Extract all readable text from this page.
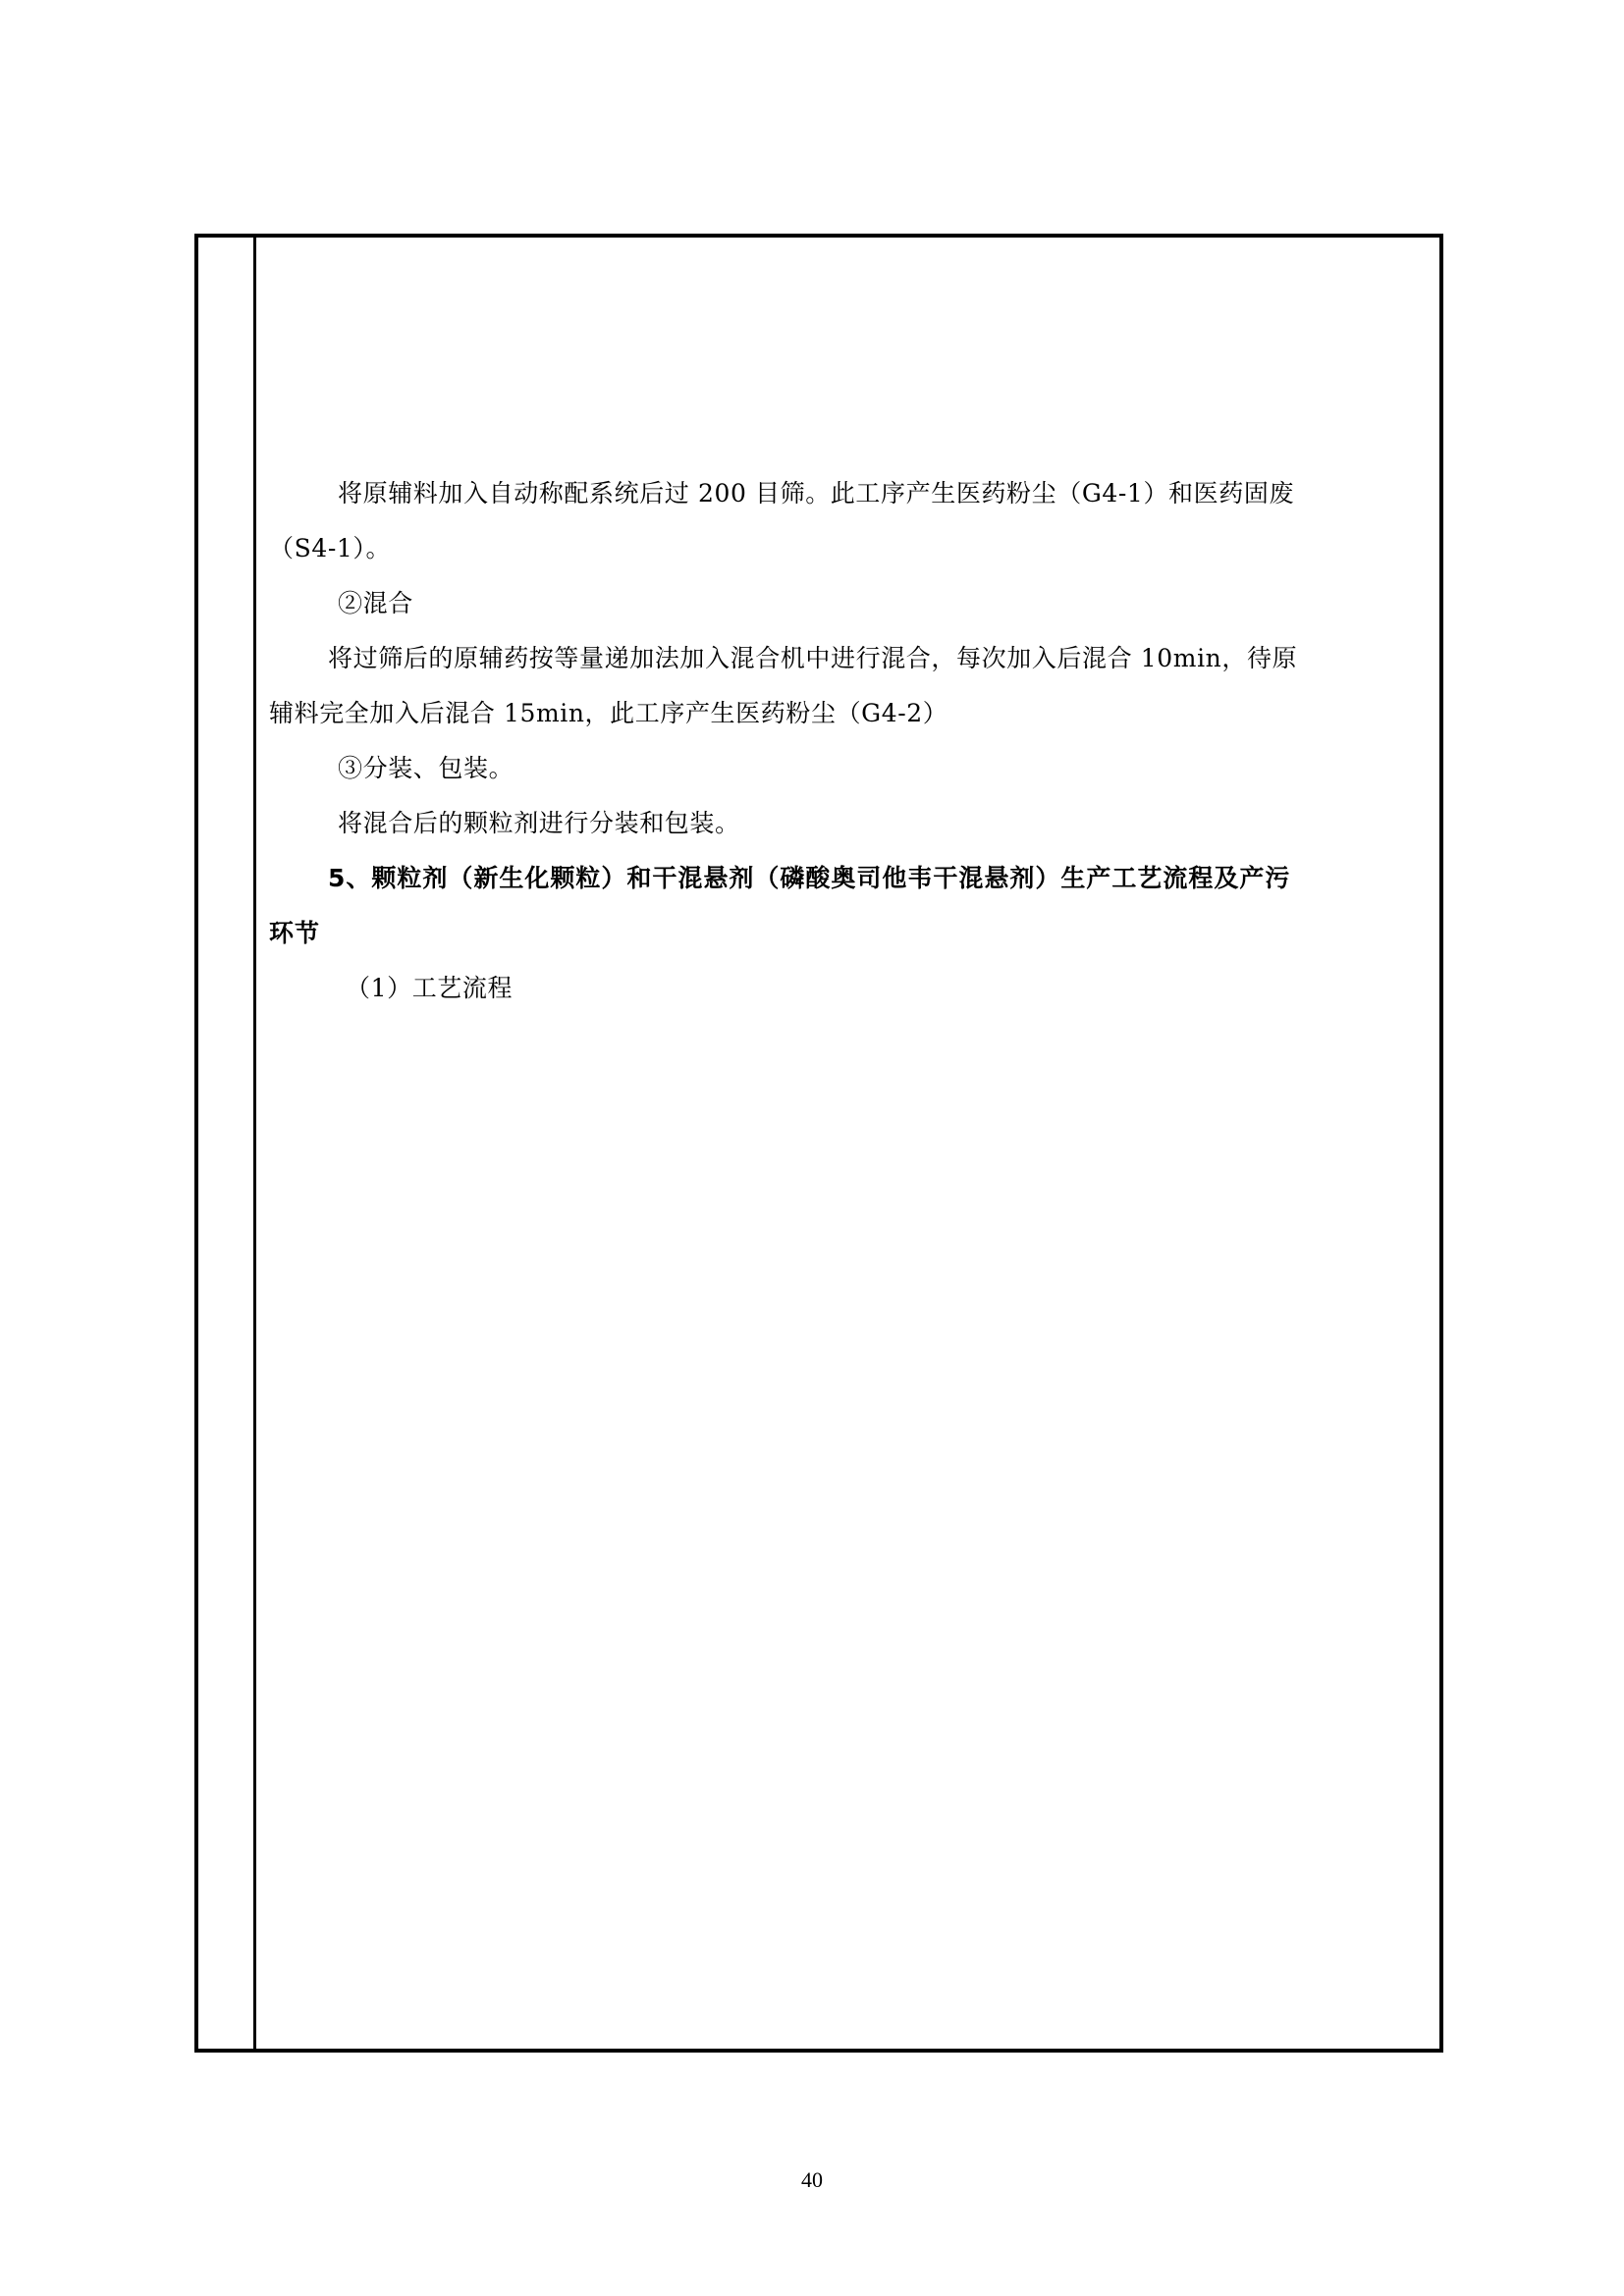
将原辅料加入自动称配系统后过 200 目筛。此工序产生医药粉尘（G4-1）和医药固废

（S4-1）。

②混合

将过筛后的原辅药按等量递加法加入混合机中进行混合，每次加入后混合 10min，待原

辅料完全加入后混合 15min，此工序产生医药粉尘（G4-2）

③分装、包装。

将混合后的颗粒剂进行分装和包装。

5、颗粒剂（新生化颗粒）和干混悬剂（磷酸奥司他韦干混悬剂）生产工艺流程及产污

环节

（1）工艺流程

40
